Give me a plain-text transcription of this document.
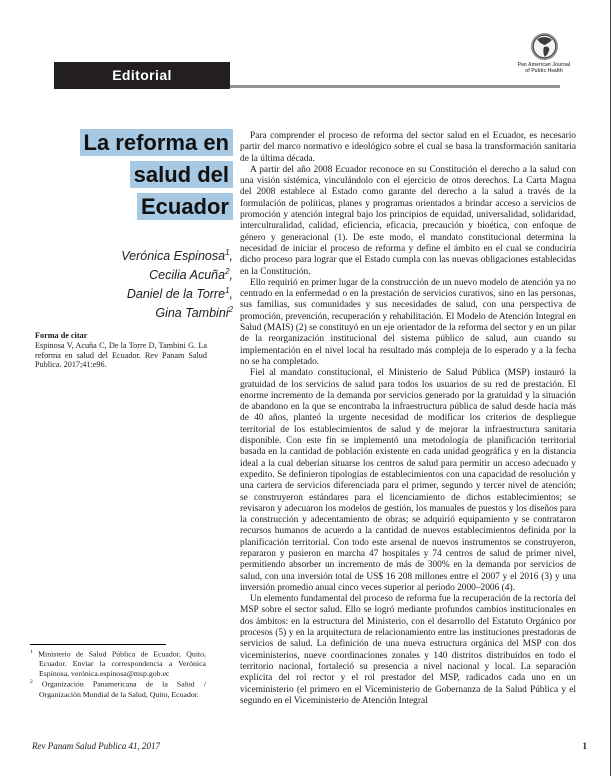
Editorial
Pan American Journal
of Public Health
La reforma en
salud del
Ecuador
Verónica Espinosa$^1$,
Cecilia Acuña$^2$,
Daniel de la Torre$^1$,
Gina Tambini$^2$
Forma de citar
Espinosa V, Acuña C, De la Torre D, Tambini G. La reforma en salud del Ecuador. Rev Panam Salud Publica. 2017;41:e96.
$^1$ Ministerio de Salud Pública de Ecuador, Quito, Ecuador. Enviar la correspondencia a Verónica Espinosa, verónica.espinosa@msp.gob.ec
$^2$ Organización Panamericana de la Salud / Organización Mundial de la Salud, Quito, Ecuador.

Para comprender el proceso de reforma del sector salud en el Ecuador, es necesario partir del marco normativo e ideológico sobre el cual se basa la transformación sanitaria de la última década.

A partir del año 2008 Ecuador reconoce en su Constitución el derecho a la salud con una visión sistémica, vinculándolo con el ejercicio de otros derechos. La Carta Magna del 2008 establece al Estado como garante del derecho a la salud a través de la formulación de políticas, planes y programas orientados a brindar acceso a servicios de promoción y atención integral bajo los principios de equidad, universalidad, solidaridad, interculturalidad, calidad, eficiencia, eficacia, precaución y bioética, con enfoque de género y generacional (1). De este modo, el mandato constitucional determina la necesidad de iniciar el proceso de reforma y define el ámbito en el cual se conduciría dicho proceso para lograr que el Estado cumpla con las nuevas obligaciones establecidas en la Constitución.

Ello requirió en primer lugar de la construcción de un nuevo modelo de atención ya no centrado en la enfermedad o en la prestación de servicios curativos, sino en las personas, sus familias, sus comunidades y sus necesidades de salud, con una perspectiva de promoción, prevención, recuperación y rehabilitación. El Modelo de Atención Integral en Salud (MAIS) (2) se constituyó en un eje orientador de la reforma del sector y en un pilar de la reorganización institucional del sistema público de salud, aun cuando su implementación en el nivel local ha resultado más compleja de lo esperado y a la fecha no se ha completado.

Fiel al mandato constitucional, el Ministerio de Salud Pública (MSP) instauró la gratuidad de los servicios de salud para todos los usuarios de su red de prestación. El enorme incremento de la demanda por servicios generado por la gratuidad y la situación de abandono en la que se encontraba la infraestructura pública de salud desde hacía más de 40 años, planteó la urgente necesidad de modificar los criterios de despliegue territorial de los establecimientos de salud y de mejorar la infraestructura sanitaria disponible. Con este fin se implementó una metodología de planificación territorial basada en la cantidad de población existente en cada unidad geográfica y en la distancia ideal a la cual deberían situarse los centros de salud para permitir un acceso adecuado y expedito. Se definieron tipologías de establecimientos con una capacidad de resolución y una cartera de servicios diferenciada para el primer, segundo y tercer nivel de atención; se construyeron estándares para el licenciamiento de dichos establecimientos; se revisaron y adecuaron los modelos de gestión, los manuales de puestos y los diseños para la construcción y adecentamiento de obras; se adquirió equipamiento y se contrataron recursos humanos de acuerdo a la cantidad de nuevos establecimientos definida por la planificación territorial. Con todo este arsenal de nuevos instrumentos se construyeron, repararon y pusieron en marcha 47 hospitales y 74 centros de salud de primer nivel, permitiendo absorber un incremento de más de 300% en la demanda por servicios de salud, con una inversión total de US$ 16 208 millones entre el 2007 y el 2016 (3) y una inversión promedio anual cinco veces superior al periodo 2000–2006 (4).

Un elemento fundamental del proceso de reforma fue la recuperación de la rectoría del MSP sobre el sector salud. Ello se logró mediante profundos cambios institucionales en dos ámbitos: en la estructura del Ministerio, con el desarrollo del Estatuto Orgánico por procesos (5) y en la arquitectura de relacionamiento entre las instituciones prestadoras de servicios de salud. La definición de una nueva estructura orgánica del MSP con dos viceministerios, nueve coordinaciones zonales y 140 distritos distribuidos en todo el territorio nacional, fortaleció su presencia a nivel nacional y local. La separación explícita del rol rector y el rol prestador del MSP, radicados cada uno en un viceministerio (el primero en el Viceministerio de Gobernanza de la Salud Pública y el segundo en el Viceministerio de Atención Integral

Rev Panam Salud Publica 41, 2017	1
